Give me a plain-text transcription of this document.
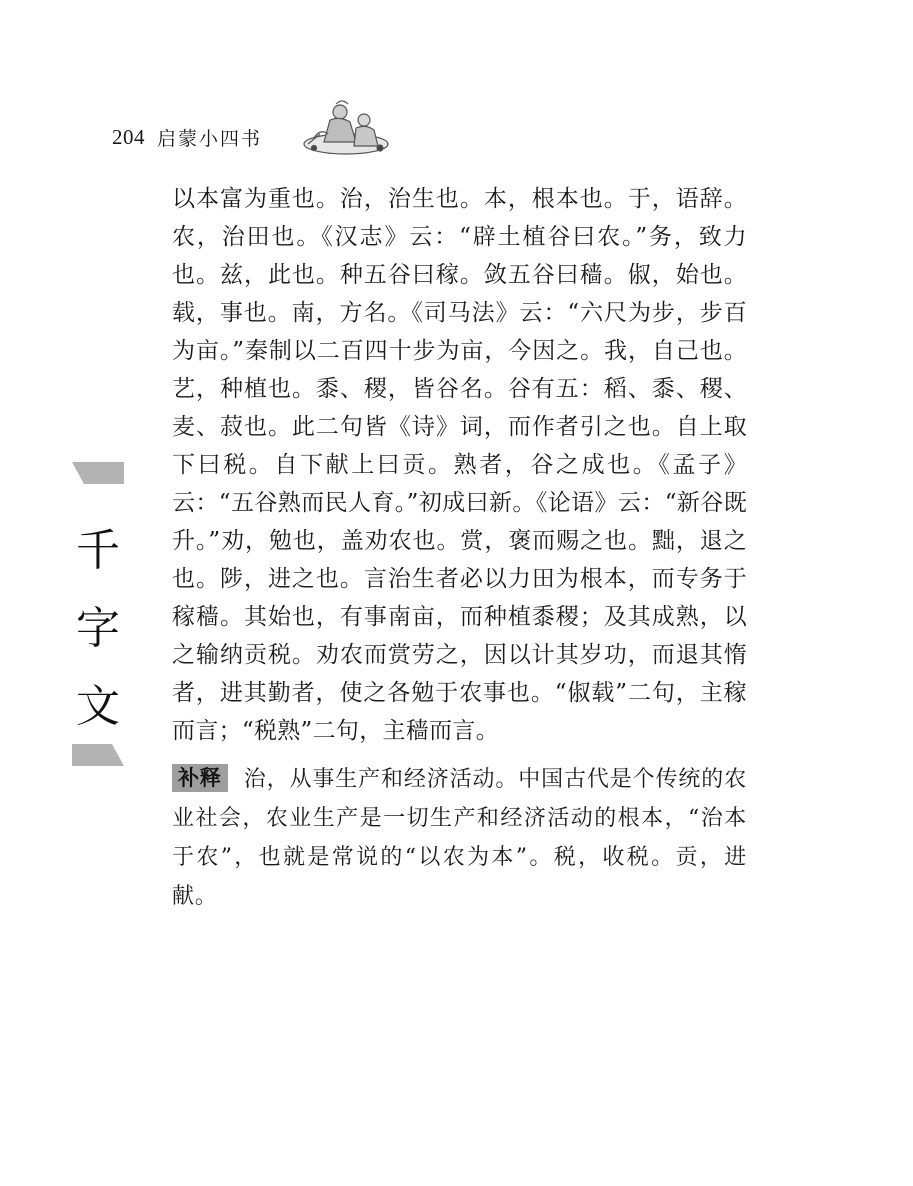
204 启蒙小四书
千
字
文

以本富为重也。治，治生也。本，根本也。于，语辞。农，治田也。《汉志》云：“辟土植谷曰农。”务，致力也。兹，此也。种五谷曰稼。敛五谷曰穑。俶，始也。载，事也。南，方名。《司马法》云：“六尺为步，步百为亩。”秦制以二百四十步为亩，今因之。我，自己也。艺，种植也。黍、稷，皆谷名。谷有五：稻、黍、稷、麦、菽也。此二句皆《诗》词，而作者引之也。自上取下曰税。自下献上曰贡。熟者，谷之成也。《孟子》云：“五谷熟而民人育。”初成曰新。《论语》云：“新谷既升。”劝，勉也，盖劝农也。赏，褒而赐之也。黜，退之也。陟，进之也。言治生者必以力田为根本，而专务于稼穑。其始也，有事南亩，而种植黍稷；及其成熟，以之输纳贡税。劝农而赏劳之，因以计其岁功，而退其惰者，进其勤者，使之各勉于农事也。“俶载”二句，主稼而言；“税熟”二句，主穑而言。

补释 治，从事生产和经济活动。中国古代是个传统的农业社会，农业生产是一切生产和经济活动的根本，“治本于农”，也就是常说的“以农为本”。税，收税。贡，进献。
